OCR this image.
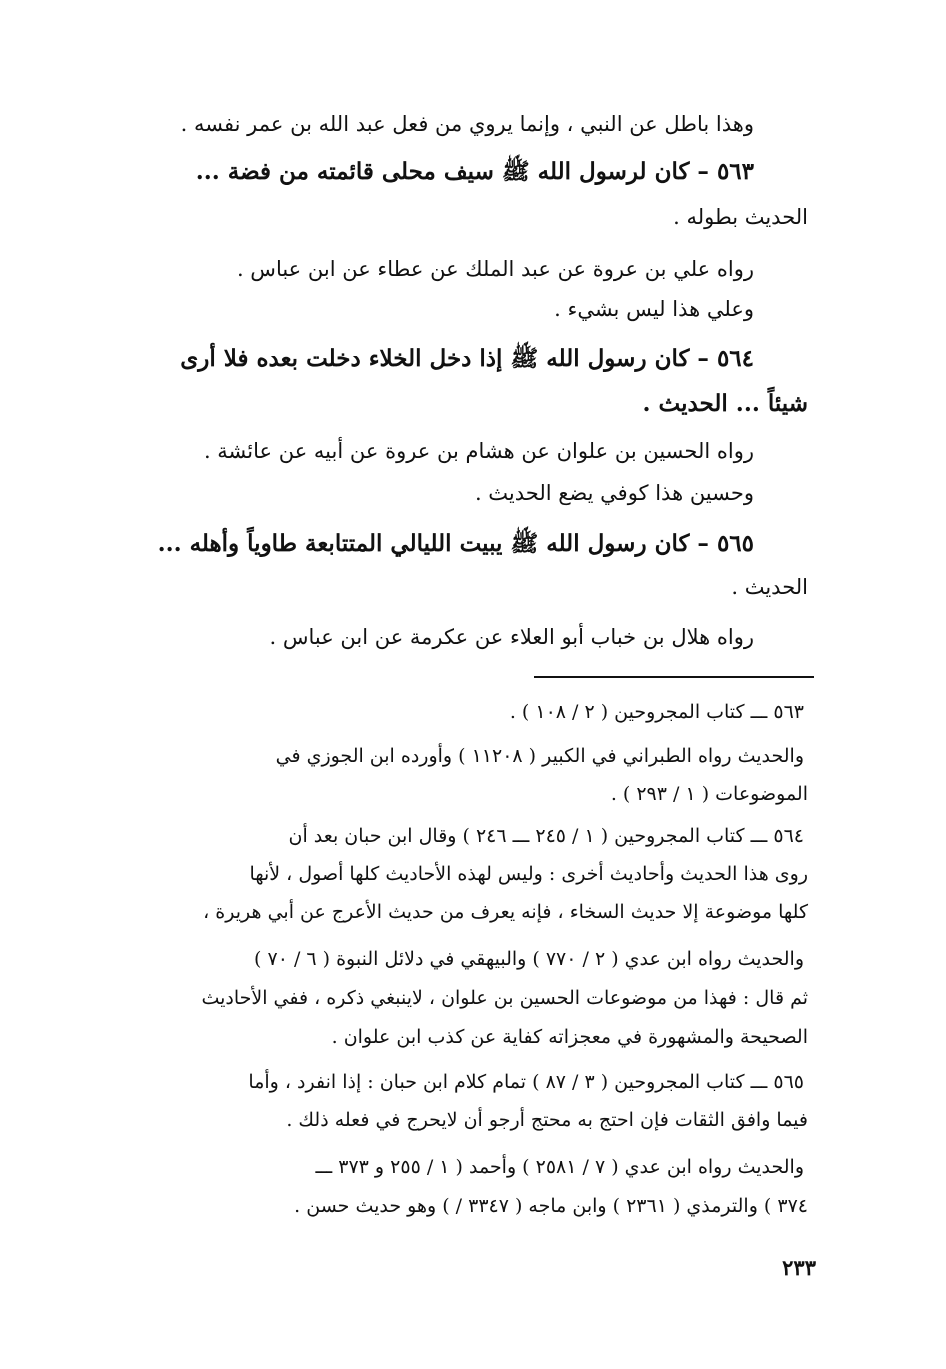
وهذا باطل عن النبي ، وإنما يروي من فعل عبد الله بن عمر نفسه .
٥٦٣ – كان لرسول الله ﷺ سيف محلى قائمته من فضة ...
الحديث بطوله .
رواه علي بن عروة عن عبد الملك عن عطاء عن ابن عباس .
وعلي هذا ليس بشيء .
٥٦٤ – كان رسول الله ﷺ إذا دخل الخلاء دخلت بعده فلا أرى
شيئاً ... الحديث .
رواه الحسين بن علوان عن هشام بن عروة عن أبيه عن عائشة .
وحسين هذا كوفي يضع الحديث .
٥٦٥ – كان رسول الله ﷺ يبيت الليالي المتتابعة طاوياً وأهله ...
الحديث .
رواه هلال بن خباب أبو العلاء عن عكرمة عن ابن عباس .
٥٦٣ ـــ كتاب المجروحين ( ٢ / ١٠٨ ) .
والحديث رواه الطبراني في الكبير ( ١١٢٠٨ ) وأورده ابن الجوزي في
الموضوعات ( ١ / ٢٩٣ ) .
٥٦٤ ـــ كتاب المجروحين ( ١ / ٢٤٥ ـــ ٢٤٦ ) وقال ابن حبان بعد أن
روى هذا الحديث وأحاديث أخرى : وليس لهذه الأحاديث كلها أصول ، لأنها
كلها موضوعة إلا حديث السخاء ، فإنه يعرف من حديث الأعرج عن أبي هريرة ،
والحديث رواه ابن عدي ( ٢ / ٧٧٠ ) والبيهقي في دلائل النبوة ( ٦ / ٧٠ )
ثم قال : فهذا من موضوعات الحسين بن علوان ، لاينبغي ذكره ، ففي الأحاديث
الصحيحة والمشهورة في معجزاته كفاية عن كذب ابن علوان .
٥٦٥ ـــ كتاب المجروحين ( ٣ / ٨٧ ) تمام كلام ابن حبان : إذا انفرد ، وأما
فيما وافق الثقات فإن احتج به محتج أرجو أن لايحرج في فعله ذلك .
والحديث رواه ابن عدي ( ٧ / ٢٥٨١ ) وأحمد ( ١ / ٢٥٥ و ٣٧٣ ـــ
٣٧٤ ) والترمذي ( ٢٣٦١ ) وابن ماجه ( ٣٣٤٧ / ) وهو حديث حسن .
٢٣٣
